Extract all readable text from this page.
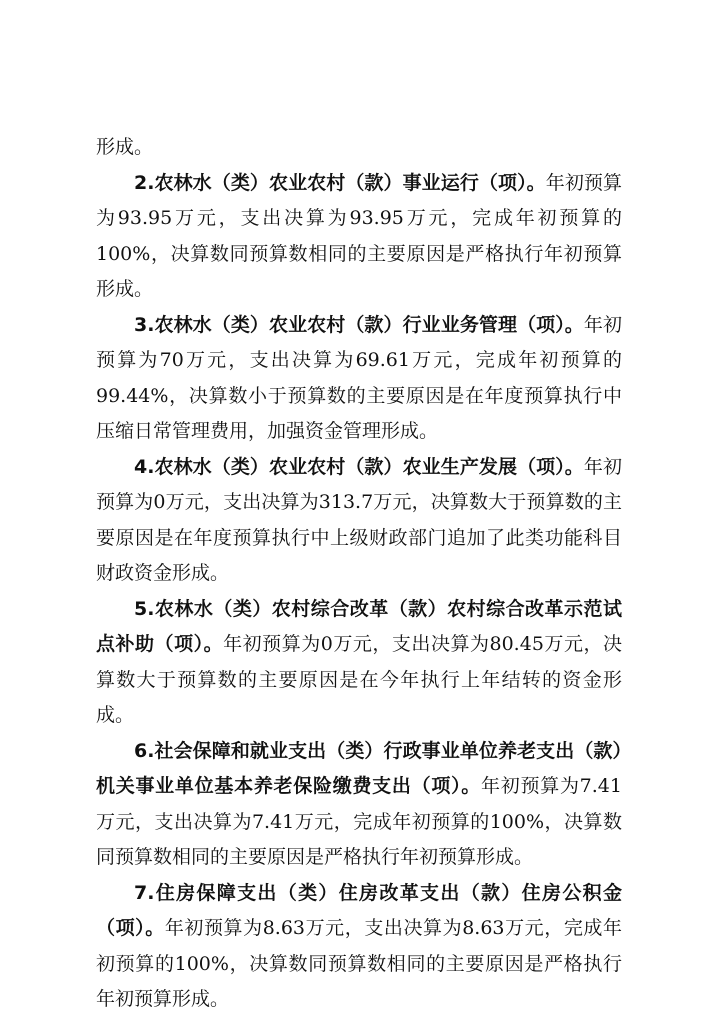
形成。

2.农林水（类）农业农村（款）事业运行（项）。年初预算为93.95万元，支出决算为93.95万元，完成年初预算的100%，决算数同预算数相同的主要原因是严格执行年初预算形成。

3.农林水（类）农业农村（款）行业业务管理（项）。年初预算为70万元，支出决算为69.61万元，完成年初预算的99.44%，决算数小于预算数的主要原因是在年度预算执行中压缩日常管理费用，加强资金管理形成。

4.农林水（类）农业农村（款）农业生产发展（项）。年初预算为0万元，支出决算为313.7万元，决算数大于预算数的主要原因是在年度预算执行中上级财政部门追加了此类功能科目财政资金形成。

5.农林水（类）农村综合改革（款）农村综合改革示范试点补助（项）。年初预算为0万元，支出决算为80.45万元，决算数大于预算数的主要原因是在今年执行上年结转的资金形成。

6.社会保障和就业支出（类）行政事业单位养老支出（款）机关事业单位基本养老保险缴费支出（项）。年初预算为7.41万元，支出决算为7.41万元，完成年初预算的100%，决算数同预算数相同的主要原因是严格执行年初预算形成。

7.住房保障支出（类）住房改革支出（款）住房公积金（项）。年初预算为8.63万元，支出决算为8.63万元，完成年初预算的100%，决算数同预算数相同的主要原因是严格执行年初预算形成。
